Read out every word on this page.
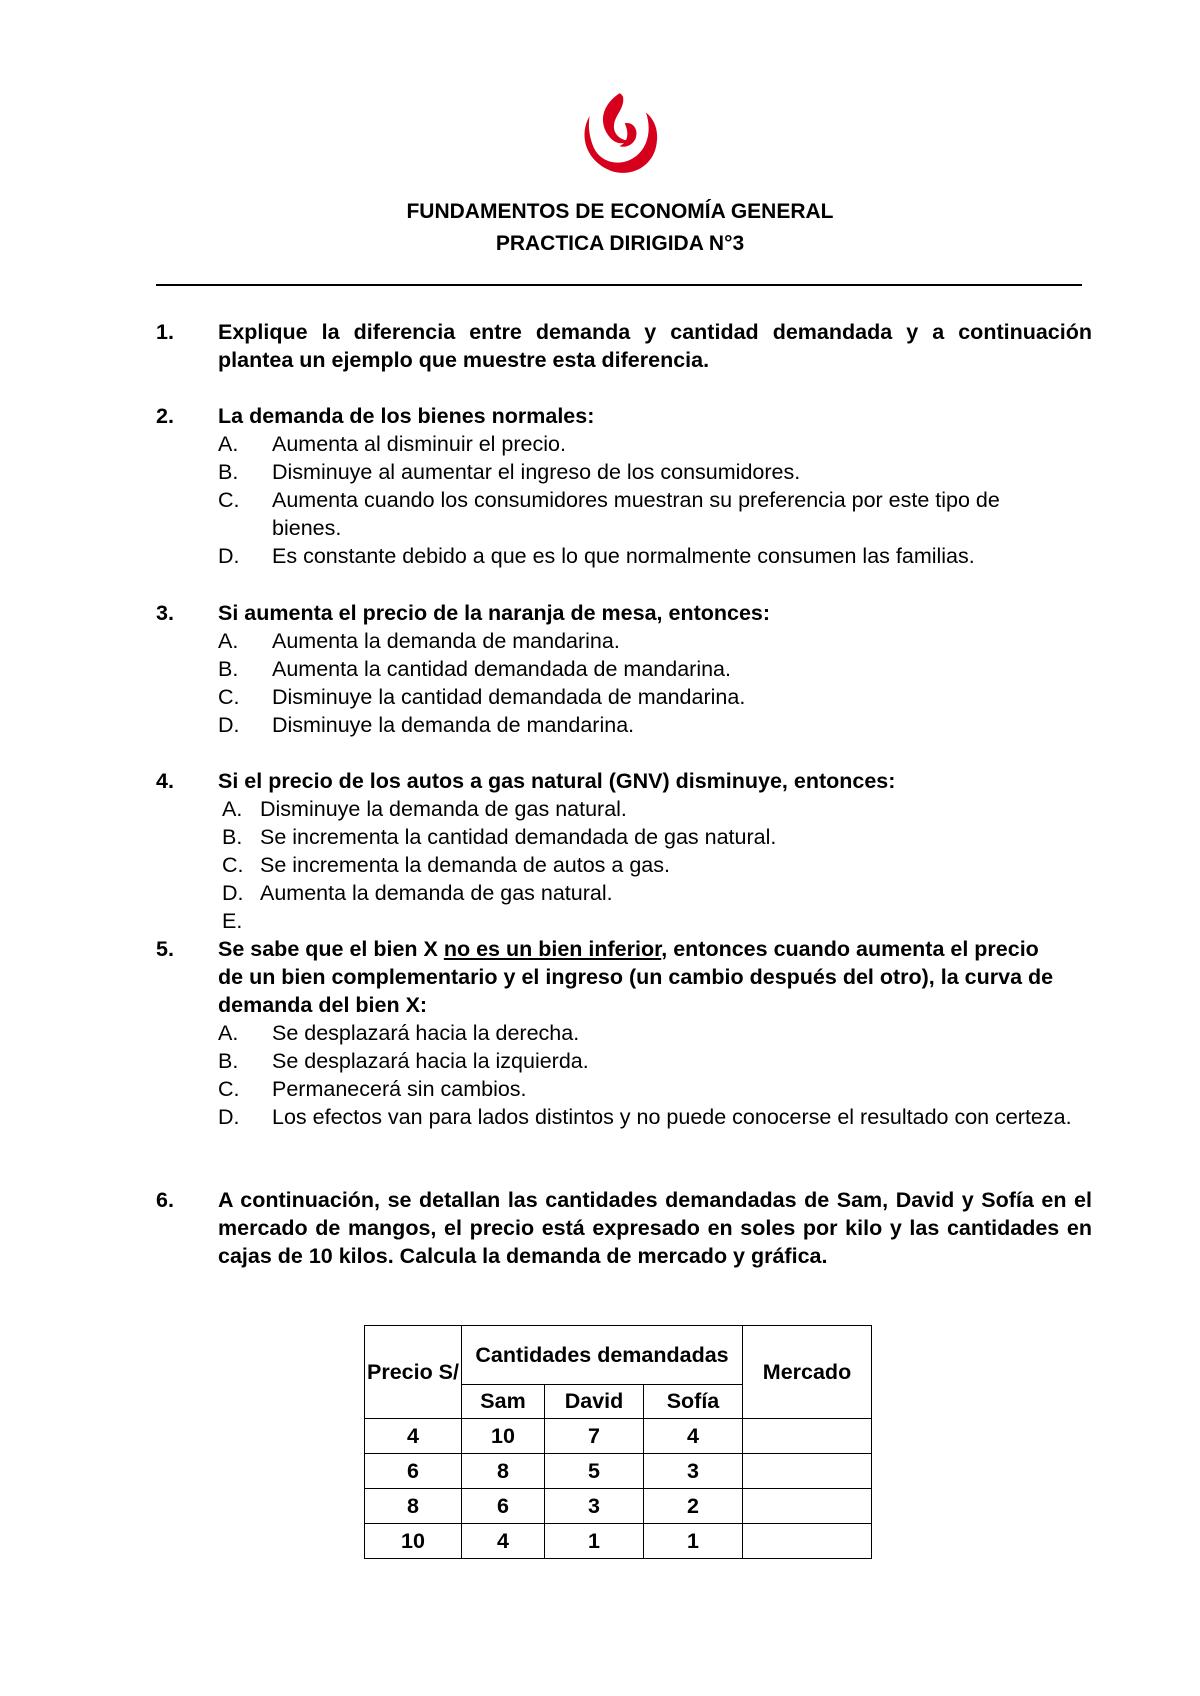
FUNDAMENTOS DE ECONOMÍA GENERAL
PRACTICA DIRIGIDA N°3
1. Explique la diferencia entre demanda y cantidad demandada y a continuación plantea un ejemplo que muestre esta diferencia.
2. La demanda de los bienes normales:
A. Aumenta al disminuir el precio.
B. Disminuye al aumentar el ingreso de los consumidores.
C. Aumenta cuando los consumidores muestran su preferencia por este tipo de bienes.
D. Es constante debido a que es lo que normalmente consumen las familias.
3. Si aumenta el precio de la naranja de mesa, entonces:
A. Aumenta la demanda de mandarina.
B. Aumenta la cantidad demandada de mandarina.
C. Disminuye la cantidad demandada de mandarina.
D. Disminuye la demanda de mandarina.
4. Si el precio de los autos a gas natural (GNV) disminuye, entonces:
A. Disminuye la demanda de gas natural.
B. Se incrementa la cantidad demandada de gas natural.
C. Se incrementa la demanda de autos a gas.
D. Aumenta la demanda de gas natural.
E.
5. Se sabe que el bien X no es un bien inferior, entonces cuando aumenta el precio de un bien complementario y el ingreso (un cambio después del otro), la curva de demanda del bien X:
A. Se desplazará hacia la derecha.
B. Se desplazará hacia la izquierda.
C. Permanecerá sin cambios.
D. Los efectos van para lados distintos y no puede conocerse el resultado con certeza.
6. A continuación, se detallan las cantidades demandadas de Sam, David y Sofía en el mercado de mangos, el precio está expresado en soles por kilo y las cantidades en cajas de 10 kilos. Calcula la demanda de mercado y gráfica.
Precio S/	Cantidades demandadas			Mercado
	Sam	David	Sofía	
4	10	7	4	
6	8	5	3	
8	6	3	2	
10	4	1	1	
